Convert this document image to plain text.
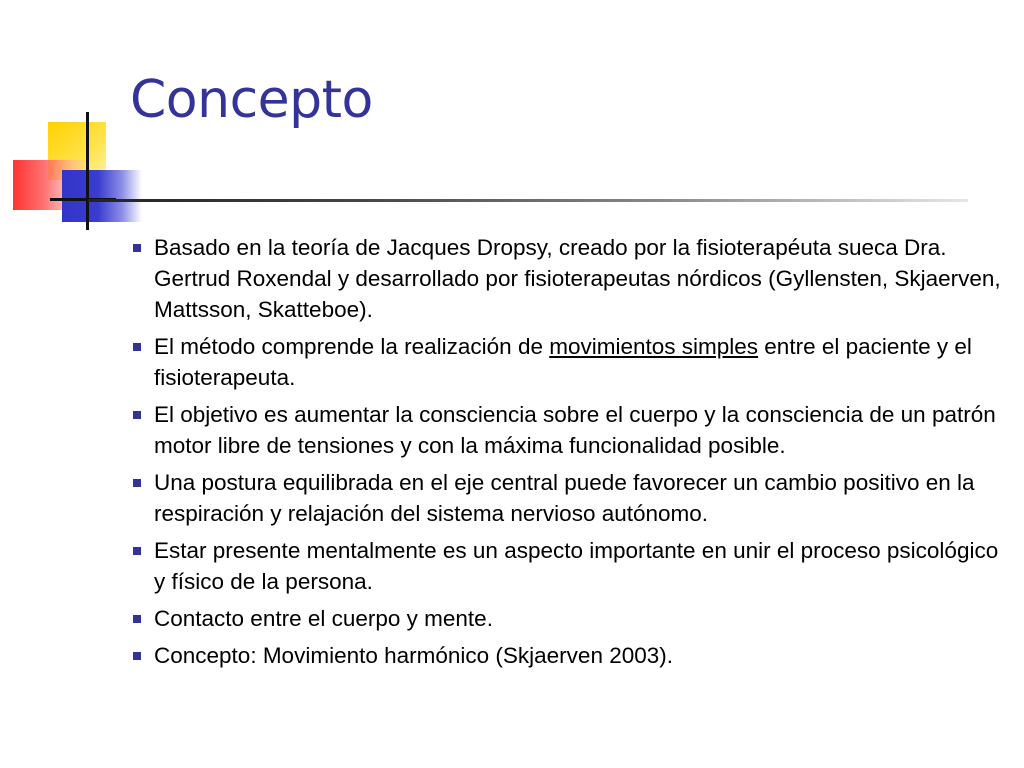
Concepto
Basado en la teoría de Jacques Dropsy, creado por la fisioterapéuta sueca Dra. Gertrud Roxendal y desarrollado por fisioterapeutas nórdicos (Gyllensten, Skjaerven, Mattsson, Skatteboe).
El método comprende la realización de movimientos simples entre el paciente y el fisioterapeuta.
El objetivo es aumentar la consciencia sobre el cuerpo y la consciencia de un patrón motor libre de tensiones y con la máxima funcionalidad posible.
Una postura equilibrada en el eje central puede favorecer un cambio positivo en la respiración y relajación del sistema nervioso autónomo.
Estar presente mentalmente es un aspecto importante en unir el proceso psicológico y físico de la persona.
Contacto entre el cuerpo y mente.
Concepto: Movimiento harmónico (Skjaerven 2003).
